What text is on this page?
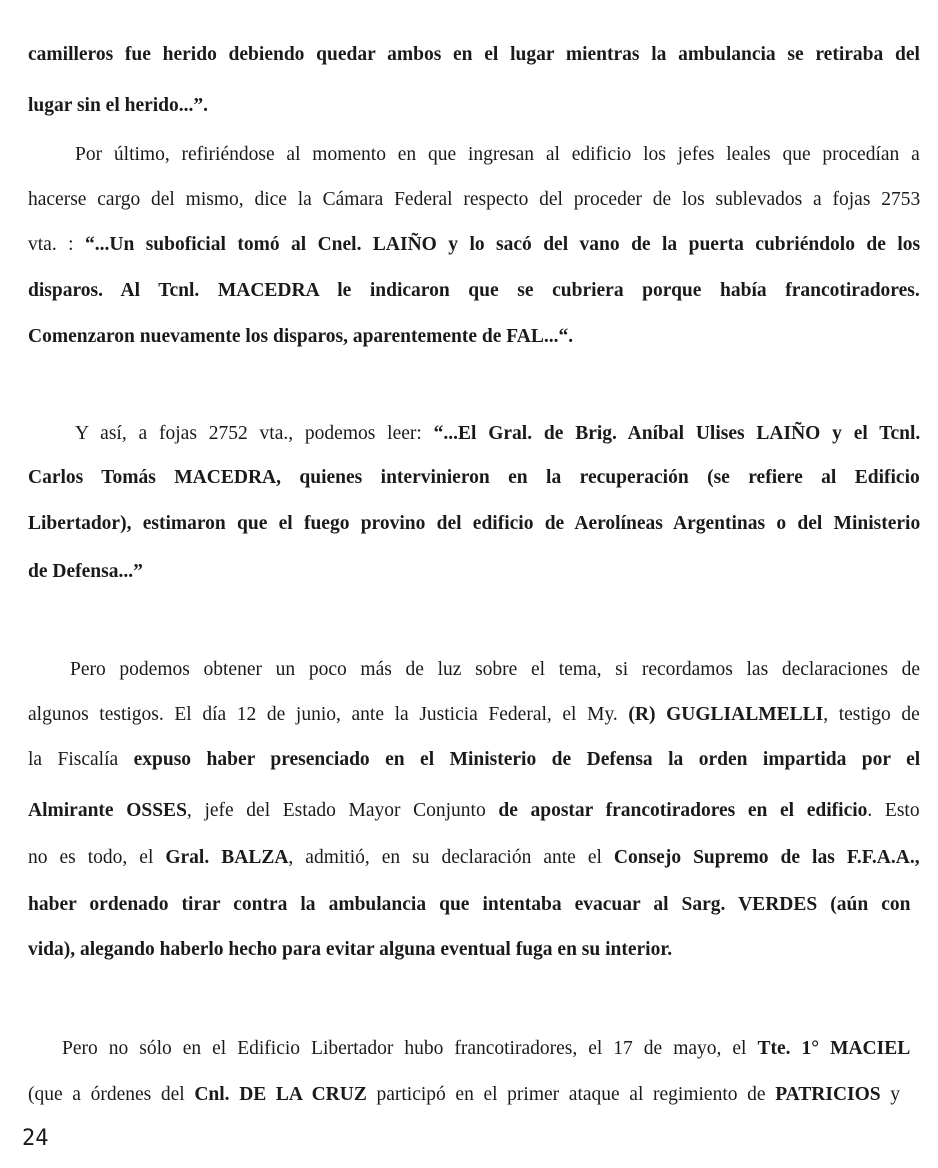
camilleros fue herido debiendo quedar ambos en el lugar mientras la ambulancia se retiraba del

lugar sin el herido...”.

Por último, refiriéndose al momento en que ingresan al edificio los jefes leales que procedían a

hacerse cargo del mismo, dice la Cámara Federal respecto del proceder de los sublevados a fojas 2753

vta. : “...Un suboficial tomó al Cnel. LAIÑO y lo sacó del vano de la puerta cubriéndolo de los

disparos. Al Tcnl. MACEDRA le indicaron que se cubriera porque había francotiradores.

Comenzaron nuevamente los disparos, aparentemente de FAL...“.

Y así, a fojas 2752 vta., podemos leer: “...El Gral. de Brig. Aníbal Ulises LAIÑO y el Tcnl.

Carlos Tomás MACEDRA, quienes intervinieron en la recuperación (se refiere al Edificio

Libertador), estimaron que el fuego provino del edificio de Aerolíneas Argentinas o del Ministerio

de Defensa...”

Pero podemos obtener un poco más de luz sobre el tema, si recordamos las declaraciones de

algunos testigos. El día 12 de junio, ante la Justicia Federal, el My. (R) GUGLIALMELLI, testigo de

la Fiscalía expuso haber presenciado en el Ministerio de Defensa la orden impartida por el

Almirante OSSES, jefe del Estado Mayor Conjunto de apostar francotiradores en el edificio. Esto

no es todo, el Gral. BALZA, admitió, en su declaración ante el Consejo Supremo de las F.F.A.A.,

haber ordenado tirar contra la ambulancia que intentaba evacuar al Sarg. VERDES (aún con

vida), alegando haberlo hecho para evitar alguna eventual fuga en su interior.

Pero no sólo en el Edificio Libertador hubo francotiradores, el 17 de mayo, el Tte. 1° MACIEL

(que a órdenes del Cnl. DE LA CRUZ participó en el primer ataque al regimiento de PATRICIOS y

24
